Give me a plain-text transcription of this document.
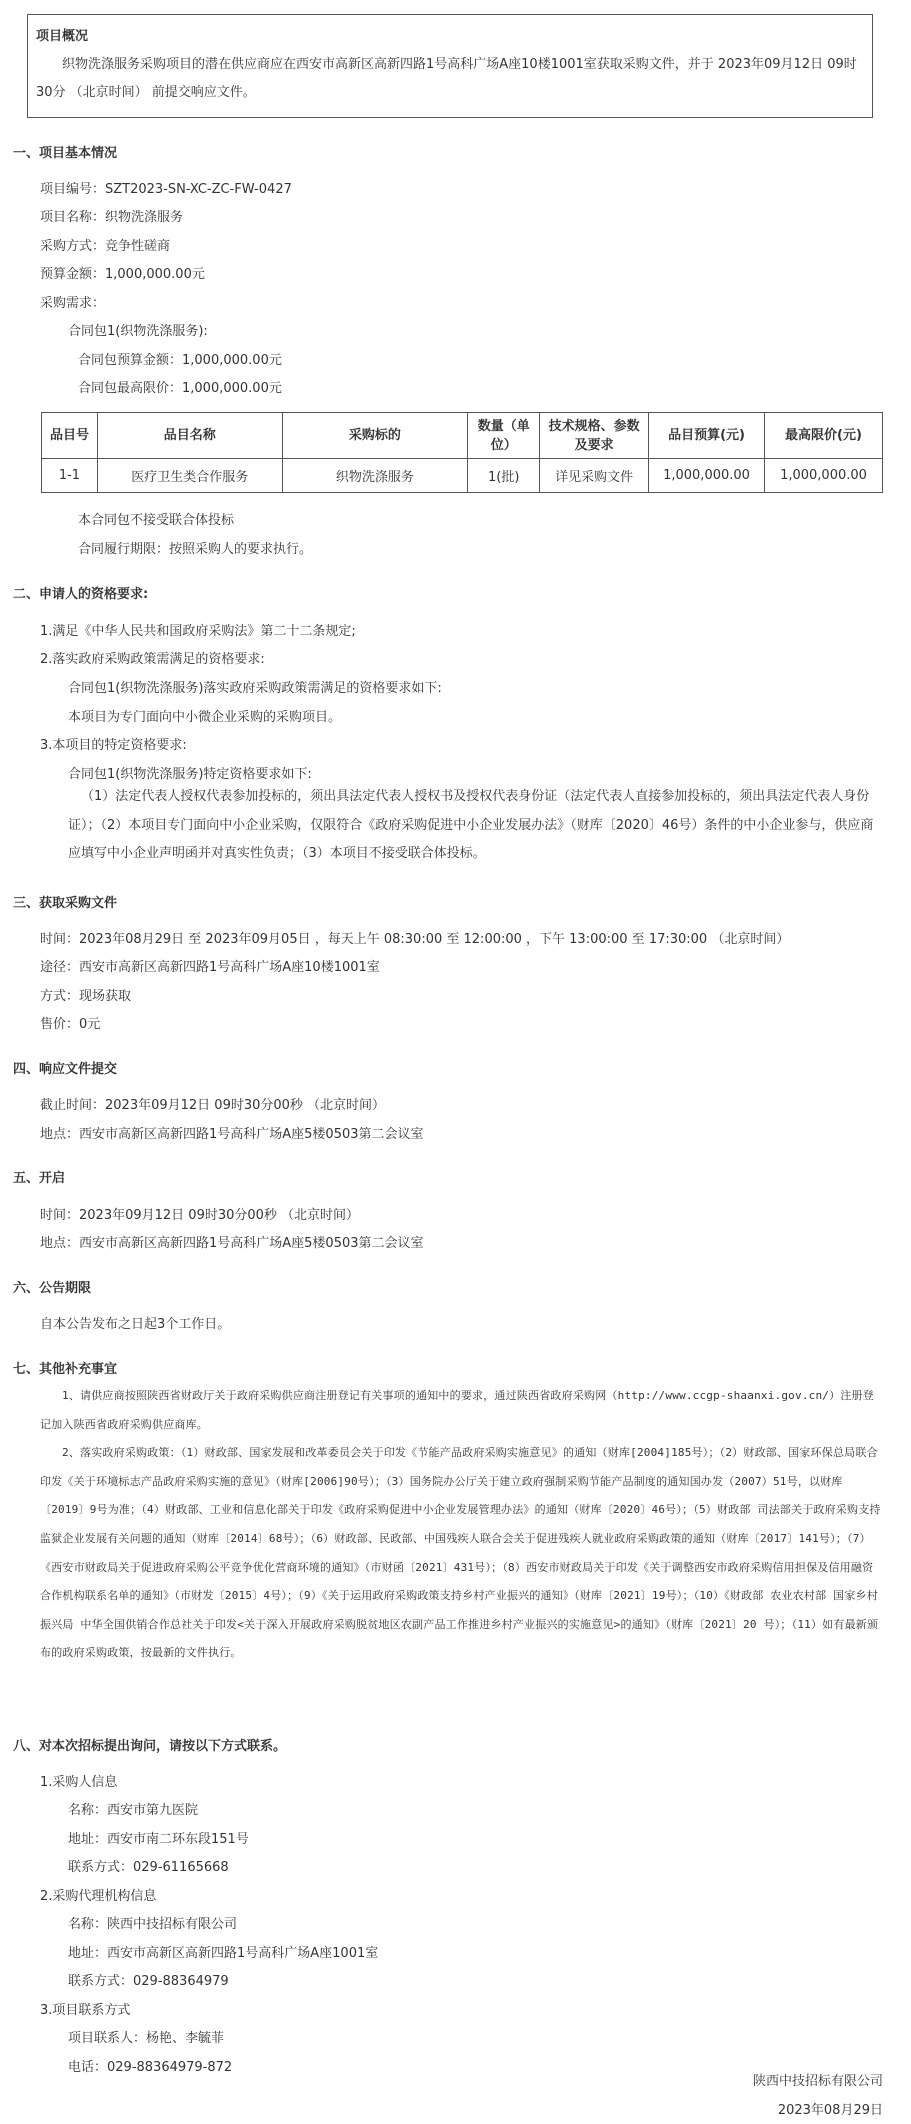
项目概况
织物洗涤服务采购项目的潜在供应商应在西安市高新区高新四路1号高科广场A座10楼1001室获取采购文件，并于 2023年09月12日 09时30分 （北京时间） 前提交响应文件。
一、项目基本情况
项目编号：SZT2023-SN-XC-ZC-FW-0427
项目名称：织物洗涤服务
采购方式：竞争性磋商
预算金额：1,000,000.00元
采购需求：
合同包1(织物洗涤服务):
合同包预算金额：1,000,000.00元
合同包最高限价：1,000,000.00元
品目号	品目名称	采购标的	数量（单位）	技术规格、参数及要求	品目预算(元)	最高限价(元)
1-1	医疗卫生类合作服务	织物洗涤服务	1(批)	详见采购文件	1,000,000.00	1,000,000.00
本合同包不接受联合体投标
合同履行期限：按照采购人的要求执行。
二、申请人的资格要求:
1.满足《中华人民共和国政府采购法》第二十二条规定;
2.落实政府采购政策需满足的资格要求:
合同包1(织物洗涤服务)落实政府采购政策需满足的资格要求如下:
本项目为专门面向中小微企业采购的采购项目。
3.本项目的特定资格要求:
合同包1(织物洗涤服务)特定资格要求如下:
（1）法定代表人授权代表参加投标的，须出具法定代表人授权书及授权代表身份证（法定代表人直接参加投标的，须出具法定代表人身份证）；（2）本项目专门面向中小企业采购，仅限符合《政府采购促进中小企业发展办法》（财库〔2020〕46号）条件的中小企业参与，供应商应填写中小企业声明函并对真实性负责；（3）本项目不接受联合体投标。
三、获取采购文件
时间：2023年08月29日 至 2023年09月05日 ，每天上午 08:30:00 至 12:00:00 ，下午 13:00:00 至 17:30:00 （北京时间）
途径：西安市高新区高新四路1号高科广场A座10楼1001室
方式：现场获取
售价：0元
四、响应文件提交
截止时间：2023年09月12日 09时30分00秒 （北京时间）
地点：西安市高新区高新四路1号高科广场A座5楼0503第二会议室
五、开启
时间：2023年09月12日 09时30分00秒 （北京时间）
地点：西安市高新区高新四路1号高科广场A座5楼0503第二会议室
六、公告期限
自本公告发布之日起3个工作日。
七、其他补充事宜

1、请供应商按照陕西省财政厅关于政府采购供应商注册登记有关事项的通知中的要求，通过陕西省政府采购网（http://www.ccgp-shaanxi.gov.cn/）注册登记加入陕西省政府采购供应商库。

2、落实政府采购政策：（1）财政部、国家发展和改革委员会关于印发《节能产品政府采购实施意见》的通知（财库[2004]185号）；（2）财政部、国家环保总局联合印发《关于环境标志产品政府采购实施的意见》（财库[2006]90号）；（3）国务院办公厅关于建立政府强制采购节能产品制度的通知国办发（2007）51号，以财库〔2019〕9号为准；（4）财政部、工业和信息化部关于印发《政府采购促进中小企业发展管理办法》的通知（财库〔2020〕46号）；（5）财政部 司法部关于政府采购支持监狱企业发展有关问题的通知（财库〔2014〕68号）；（6）财政部、民政部、中国残疾人联合会关于促进残疾人就业政府采购政策的通知（财库〔2017〕141号）；（7）《西安市财政局关于促进政府采购公平竞争优化营商环境的通知》（市财函〔2021〕431号）；（8）西安市财政局关于印发《关于调整西安市政府采购信用担保及信用融资合作机构联系名单的通知》（市财发〔2015〕4号）；（9）《关于运用政府采购政策支持乡村产业振兴的通知》（财库〔2021〕19号）；（10）《财政部 农业农村部 国家乡村振兴局 中华全国供销合作总社关于印发<关于深入开展政府采购脱贫地区农副产品工作推进乡村产业振兴的实施意见>的通知》（财库〔2021〕20 号）；（11）如有最新颁布的政府采购政策，按最新的文件执行。

八、对本次招标提出询问，请按以下方式联系。
1.采购人信息
名称：西安市第九医院
地址：西安市南二环东段151号
联系方式：029-61165668
2.采购代理机构信息
名称：陕西中技招标有限公司
地址：西安市高新区高新四路1号高科广场A座1001室
联系方式：029-88364979
3.项目联系方式
项目联系人：杨艳、李毓菲
电话：029-88364979-872
陕西中技招标有限公司
2023年08月29日
